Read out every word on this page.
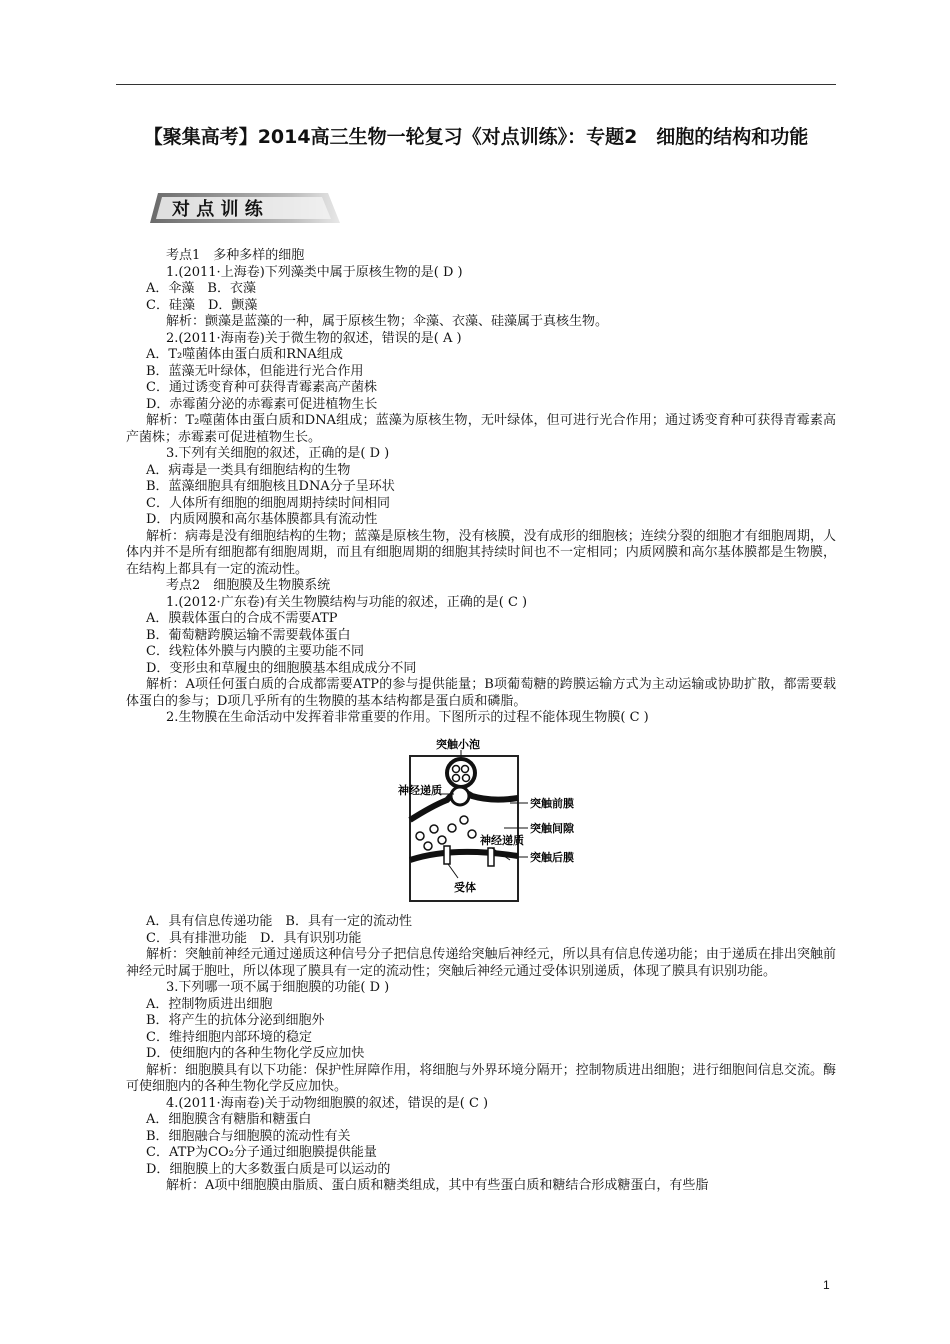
【聚集高考】2014高三生物一轮复习《对点训练》：专题2　细胞的结构和功能
对 点 训 练
考点1　多种多样的细胞
1.(2011·上海卷)下列藻类中属于原核生物的是( D )
A．伞藻　B．衣藻
C．硅藻　D．颤藻
解析：颤藻是蓝藻的一种，属于原核生物；伞藻、衣藻、硅藻属于真核生物。
2.(2011·海南卷)关于微生物的叙述，错误的是( A )
A．T₂噬菌体由蛋白质和RNA组成
B．蓝藻无叶绿体，但能进行光合作用
C．通过诱变育种可获得青霉素高产菌株
D．赤霉菌分泌的赤霉素可促进植物生长
解析：T₂噬菌体由蛋白质和DNA组成；蓝藻为原核生物，无叶绿体，但可进行光合作用；通过诱变育种可获得青霉素高产菌株；赤霉素可促进植物生长。
3.下列有关细胞的叙述，正确的是( D )
A．病毒是一类具有细胞结构的生物
B．蓝藻细胞具有细胞核且DNA分子呈环状
C．人体所有细胞的细胞周期持续时间相同
D．内质网膜和高尔基体膜都具有流动性
解析：病毒是没有细胞结构的生物；蓝藻是原核生物，没有核膜，没有成形的细胞核；连续分裂的细胞才有细胞周期，人体内并不是所有细胞都有细胞周期，而且有细胞周期的细胞其持续时间也不一定相同；内质网膜和高尔基体膜都是生物膜，在结构上都具有一定的流动性。
考点2　细胞膜及生物膜系统
1.(2012·广东卷)有关生物膜结构与功能的叙述，正确的是( C )
A．膜载体蛋白的合成不需要ATP
B．葡萄糖跨膜运输不需要载体蛋白
C．线粒体外膜与内膜的主要功能不同
D．变形虫和草履虫的细胞膜基本组成成分不同
解析：A项任何蛋白质的合成都需要ATP的参与提供能量；B项葡萄糖的跨膜运输方式为主动运输或协助扩散，都需要载体蛋白的参与；D项几乎所有的生物膜的基本结构都是蛋白质和磷脂。
2.生物膜在生命活动中发挥着非常重要的作用。下图所示的过程不能体现生物膜( C )
突触小泡
神经递质
突触前膜
突触间隙
神经递质
突触后膜
受体
A．具有信息传递功能　B．具有一定的流动性
C．具有排泄功能　D．具有识别功能
解析：突触前神经元通过递质这种信号分子把信息传递给突触后神经元，所以具有信息传递功能；由于递质在排出突触前神经元时属于胞吐，所以体现了膜具有一定的流动性；突触后神经元通过受体识别递质，体现了膜具有识别功能。
3.下列哪一项不属于细胞膜的功能( D )
A．控制物质进出细胞
B．将产生的抗体分泌到细胞外
C．维持细胞内部环境的稳定
D．使细胞内的各种生物化学反应加快
解析：细胞膜具有以下功能：保护性屏障作用，将细胞与外界环境分隔开；控制物质进出细胞；进行细胞间信息交流。酶可使细胞内的各种生物化学反应加快。
4.(2011·海南卷)关于动物细胞膜的叙述，错误的是( C )
A．细胞膜含有糖脂和糖蛋白
B．细胞融合与细胞膜的流动性有关
C．ATP为CO₂分子通过细胞膜提供能量
D．细胞膜上的大多数蛋白质是可以运动的
解析：A项中细胞膜由脂质、蛋白质和糖类组成，其中有些蛋白质和糖结合形成糖蛋白，有些脂
1
